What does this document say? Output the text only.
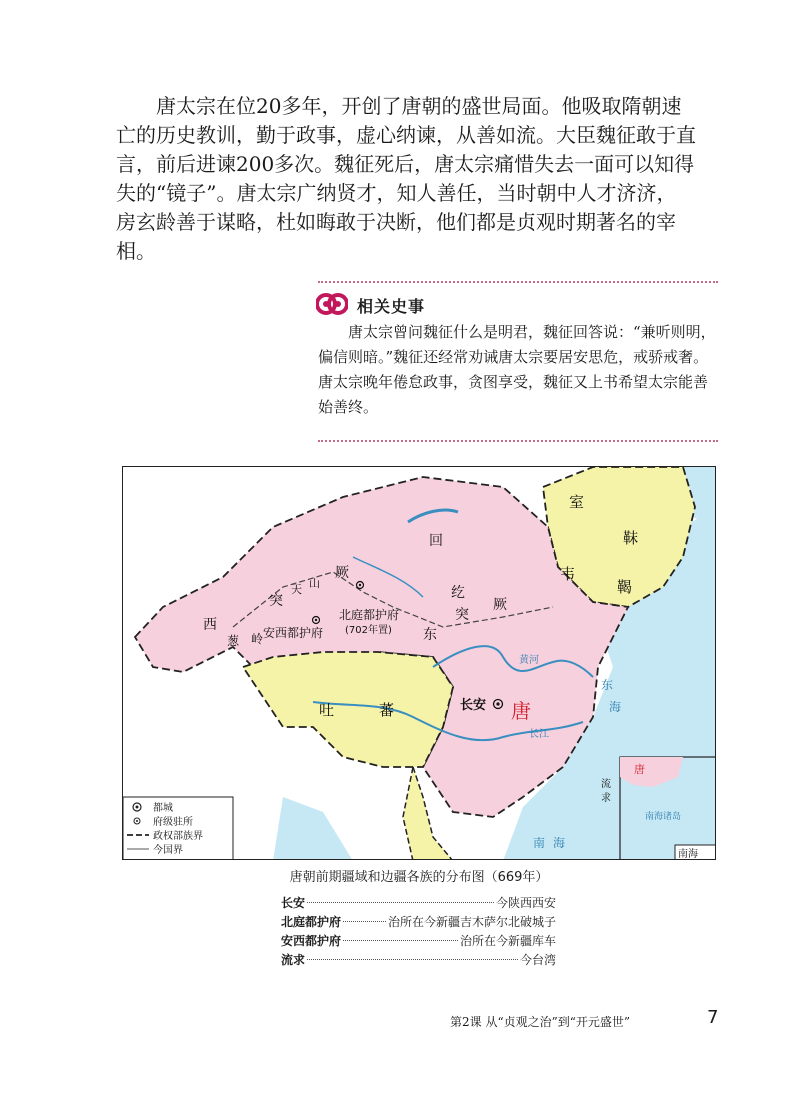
唐太宗在位20多年，开创了唐朝的盛世局面。他吸取隋朝速亡的历史教训，勤于政事，虚心纳谏，从善如流。大臣魏征敢于直言，前后进谏200多次。魏征死后，唐太宗痛惜失去一面可以知得失的“镜子”。唐太宗广纳贤才，知人善任，当时朝中人才济济，房玄龄善于谋略，杜如晦敢于决断，他们都是贞观时期著名的宰相。

相关史事

唐太宗曾问魏征什么是明君，魏征回答说：“兼听则明，偏信则暗。”魏征还经常劝诫唐太宗要居安思危，戒骄戒奢。唐太宗晚年倦怠政事，贪图享受，魏征又上书希望太宗能善始善终。

唐
南海
都城
府级驻所
政权部族界
今国界
室
韦
靺
鞨
回
纥
东
突
厥
西
突
厥
天 山
葱 岭
北庭都护府
(702年置)
安西都护府
吐	蕃	长安 唐
黄河
长江
东
海
南 海
流
求
南海诸岛
唐朝前期疆域和边疆各族的分布图（669年）
长安	今陕西西安
北庭都护府	治所在今新疆吉木萨尔北破城子
安西都护府	治所在今新疆库车
流求	今台湾
第2课 从“贞观之治”到“开元盛世”	7
